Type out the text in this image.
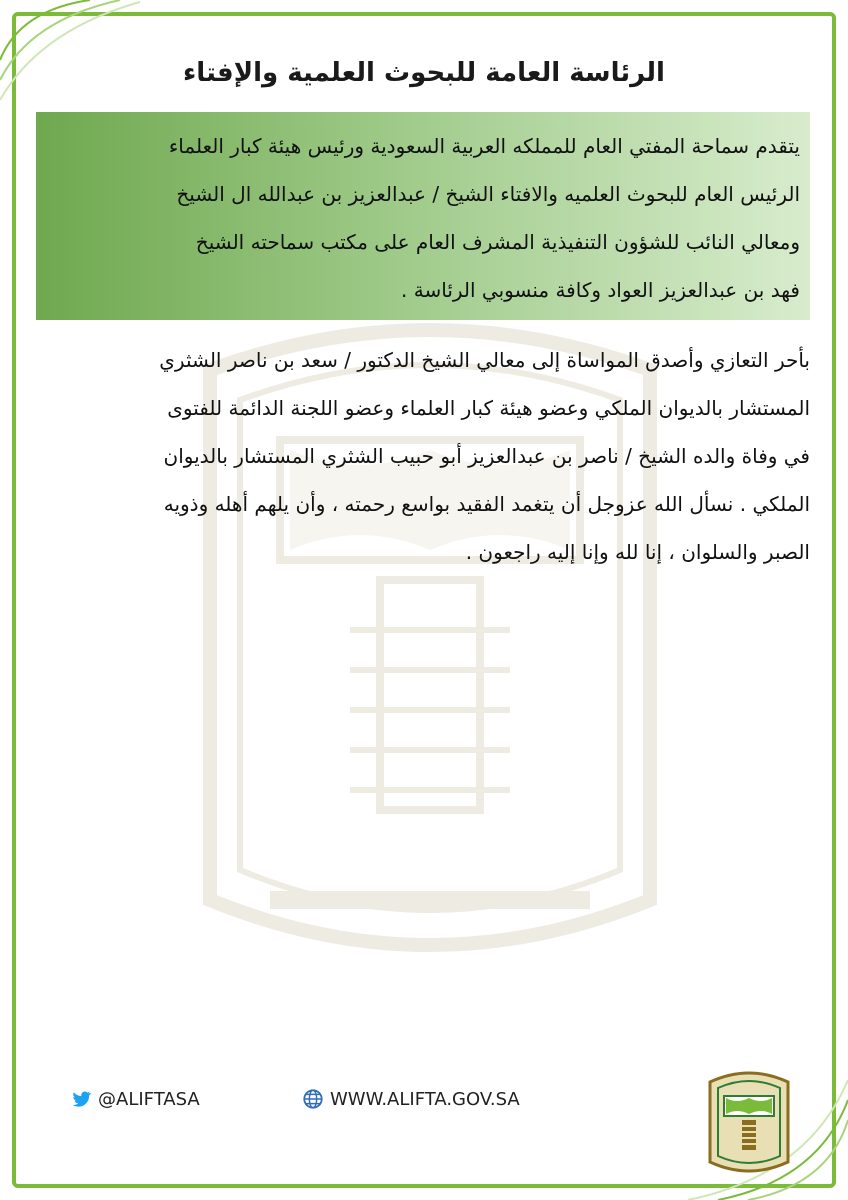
الرئاسة العامة للبحوث العلمية والإفتاء

يتقدم سماحة المفتي العام للمملكه العربية السعودية ورئيس هيئة كبار العلماء
الرئيس العام للبحوث العلميه والافتاء الشيخ / عبدالعزيز بن عبدالله ال الشيخ
ومعالي النائب للشؤون التنفيذية المشرف العام على مكتب سماحته الشيخ
فهد بن عبدالعزيز العواد وكافة منسوبي الرئاسة .

بأحر التعازي وأصدق المواساة إلى معالي الشيخ الدكتور / سعد بن ناصر الشثري
المستشار بالديوان الملكي وعضو هيئة كبار العلماء وعضو اللجنة الدائمة للفتوى
في وفاة والده الشيخ / ناصر بن عبدالعزيز أبو حبيب الشثري المستشار بالديوان
الملكي . نسأل الله عزوجل أن يتغمد الفقيد بواسع رحمته ، وأن يلهم أهله وذويه
الصبر والسلوان ، إنا لله وإنا إليه راجعون .

@ALIFTASA	WWW.ALIFTA.GOV.SA
